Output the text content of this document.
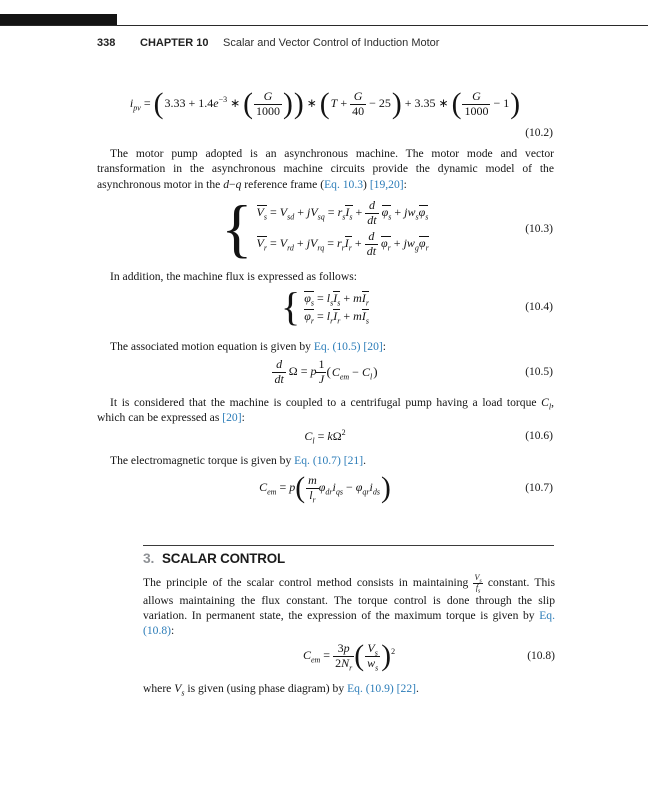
338 CHAPTER 10 Scalar and Vector Control of Induction Motor
$i_{pv}$ = ( $3.33 + 1.4e^{-3}$ ∗ ( $\frac{G}{1000}$ ) ) ∗ ( $T + \frac{G}{40} - 25$ ) + 3.35 ∗ ( $\frac{G}{1000} - 1$ )
(10.2)
The motor pump adopted is an asynchronous machine. The motor mode and vector transformation in the asynchronous machine circuits provide the dynamic model of the asynchronous motor in the d−q reference frame (Eq. 10.3) [19,20]:
{ $V_s = V_{sd} + jV_{sq} = r_sI_s + \frac{d}{dt} \varphi_s + jw_s\varphi_s$
$V_r = V_{rd} + jV_{rq} = r_rI_r + \frac{d}{dt} \varphi_r + jw_g\varphi_r$
(10.3)
In addition, the machine flux is expressed as follows:
{ $\varphi_s = l_sI_s + mI_r$
$\varphi_r = l_rI_r + mI_s$
(10.4)
The associated motion equation is given by Eq. (10.5) [20]:
$\frac{d}{dt}$ Ω = p $\frac{1}{J}$ ( $C_{em} - C_l$ )	(10.5)
It is considered that the machine is coupled to a centrifugal pump having a load torque $C_l$, which can be expressed as [20]:
$C_l = k\Omega^2$	(10.6)
The electromagnetic torque is given by Eq. (10.7) [21].
$C_{em} = p$ ( $\frac{m}{l_r} \varphi_{dr}i_{qs} - \varphi_{qr}i_{ds}$ )	(10.7)
3. SCALAR CONTROL
The principle of the scalar control method consists in maintaining $\frac{V_s}{f_s}$ constant. This allows maintaining the flux constant. The torque control is done through the slip variation. In permanent state, the expression of the maximum torque is given by Eq. (10.8):
$C_{em} = \frac{3p}{2N_r}$ ( $\frac{V_s}{w_s}$ ) $^2$	(10.8)
where $V_s$ is given (using phase diagram) by Eq. (10.9) [22].
